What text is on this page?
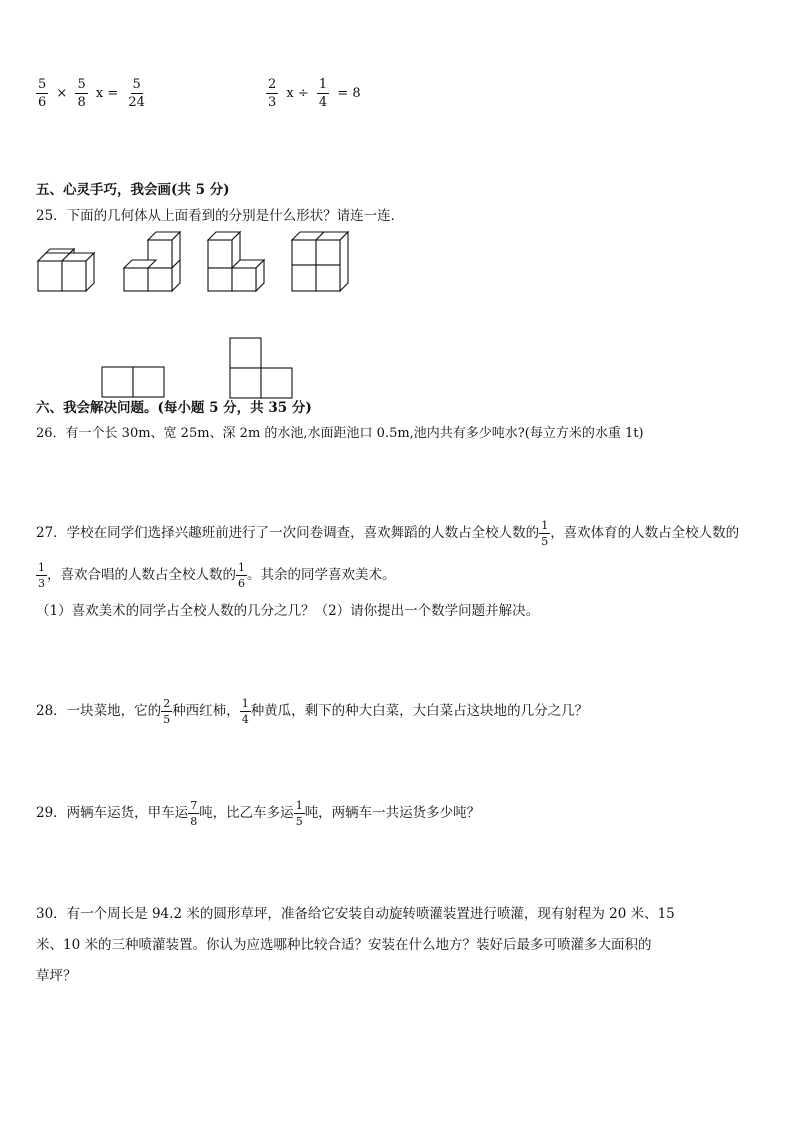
$\frac{5}{6} \times \frac{5}{8}$ $x = \frac{5}{24}$	$\frac{2}{3}$ $x \div \frac{1}{4} = 8$
五、心灵手巧，我会画(共 5 分)
25．下面的几何体从上面看到的分别是什么形状？请连一连．
六、我会解决问题。(每小题 5 分，共 35 分)
26．有一个长 30m、宽 25m、深 2m 的水池,水面距池口 0.5m,池内共有多少吨水?(每立方米的水重 1t)
27．学校在同学们选择兴趣班前进行了一次问卷调查，喜欢舞蹈的人数占全校人数的 $\frac{1}{5}$ ，喜欢体育的人数占全校人数的
$\frac{1}{3}$ ，喜欢合唱的人数占全校人数的 $\frac{1}{6}$ 。其余的同学喜欢美术。
（1）喜欢美术的同学占全校人数的几分之几？（2）请你提出一个数学问题并解决。
28．一块菜地，它的 $\frac{2}{5}$ 种西红柿， $\frac{1}{4}$ 种黄瓜，剩下的种大白菜，大白菜占这块地的几分之几？
29．两辆车运货，甲车运 $\frac{7}{8}$ 吨，比乙车多运 $\frac{1}{5}$ 吨，两辆车一共运货多少吨？
30．有一个周长是 94.2 米的圆形草坪，准备给它安装自动旋转喷灌装置进行喷灌，现有射程为 20 米、15
米、10 米的三种喷灌装置。你认为应选哪种比较合适？安装在什么地方？装好后最多可喷灌多大面积的
草坪？
